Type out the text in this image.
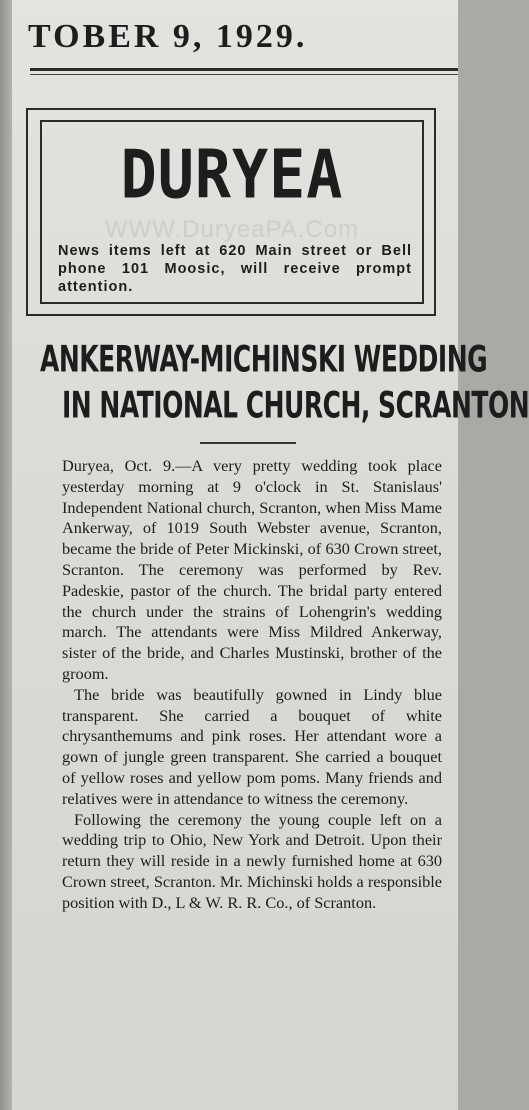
TOBER 9, 1929.
DURYEA
WWW.DuryeaPA.Com
News items left at 620 Main street or Bell phone 101 Moosic, will receive prompt attention.
ANKERWAY-MICHINSKI WEDDING
IN NATIONAL CHURCH, SCRANTON

Duryea, Oct. 9.—A very pretty wedding took place yesterday morning at 9 o'clock in St. Stanislaus' Independent National church, Scranton, when Miss Mame Ankerway, of 1019 South Webster avenue, Scranton, became the bride of Peter Mickinski, of 630 Crown street, Scranton. The ceremony was performed by Rev. Padeskie, pastor of the church. The bridal party entered the church under the strains of Lohengrin's wedding march. The attendants were Miss Mildred Ankerway, sister of the bride, and Charles Mustinski, brother of the groom.

The bride was beautifully gowned in Lindy blue transparent. She carried a bouquet of white chrysanthemums and pink roses. Her attendant wore a gown of jungle green transparent. She carried a bouquet of yellow roses and yellow pom poms. Many friends and relatives were in attendance to witness the ceremony.

Following the ceremony the young couple left on a wedding trip to Ohio, New York and Detroit. Upon their return they will reside in a newly furnished home at 630 Crown street, Scranton. Mr. Michinski holds a responsible position with D., L & W. R. R. Co., of Scranton.
